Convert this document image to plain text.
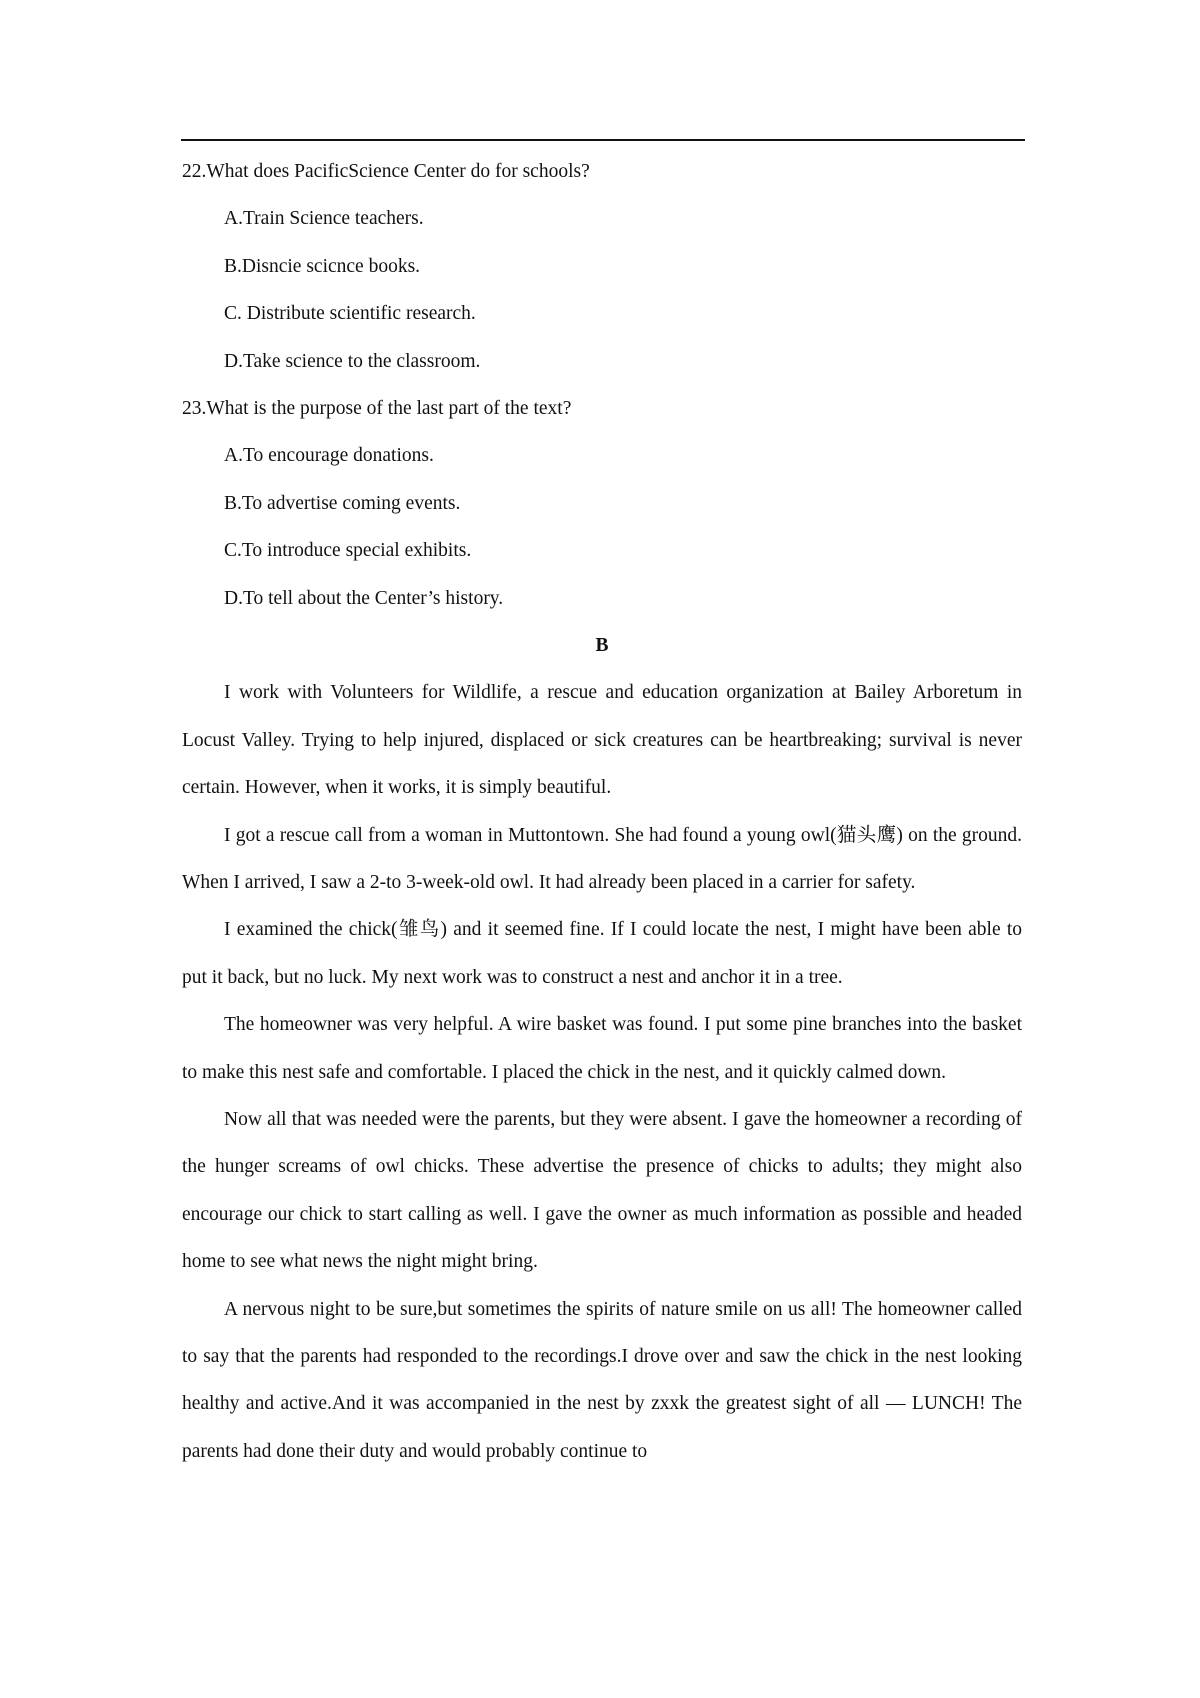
22.What does PacificScience Center do for schools?

A.Train Science teachers.

B.Disncie scicnce books.

C. Distribute scientific research.

D.Take science to the classroom.

23.What is the purpose of the last part of the text?

A.To encourage donations.

B.To advertise coming events.

C.To introduce special exhibits.

D.To tell about the Center’s history.

B

I work with Volunteers for Wildlife, a rescue and education organization at Bailey Arboretum in Locust Valley. Trying to help injured, displaced or sick creatures can be heartbreaking; survival is never certain. However, when it works, it is simply beautiful.

I got a rescue call from a woman in Muttontown. She had found a young owl(猫头鹰) on the ground. When I arrived, I saw a 2-to 3-week-old owl. It had already been placed in a carrier for safety.

I examined the chick(雏鸟) and it seemed fine. If I could locate the nest, I might have been able to put it back, but no luck. My next work was to construct a nest and anchor it in a tree.

The homeowner was very helpful. A wire basket was found. I put some pine branches into the basket to make this nest safe and comfortable. I placed the chick in the nest, and it quickly calmed down.

Now all that was needed were the parents, but they were absent. I gave the homeowner a recording of the hunger screams of owl chicks. These advertise the presence of chicks to adults; they might also encourage our chick to start calling as well. I gave the owner as much information as possible and headed home to see what news the night might bring.

A nervous night to be sure,but sometimes the spirits of nature smile on us all! The homeowner called to say that the parents had responded to the recordings.I drove over and saw the chick in the nest looking healthy and active.And it was accompanied in the nest by zxxk the greatest sight of all — LUNCH! The parents had done their duty and would probably continue to
